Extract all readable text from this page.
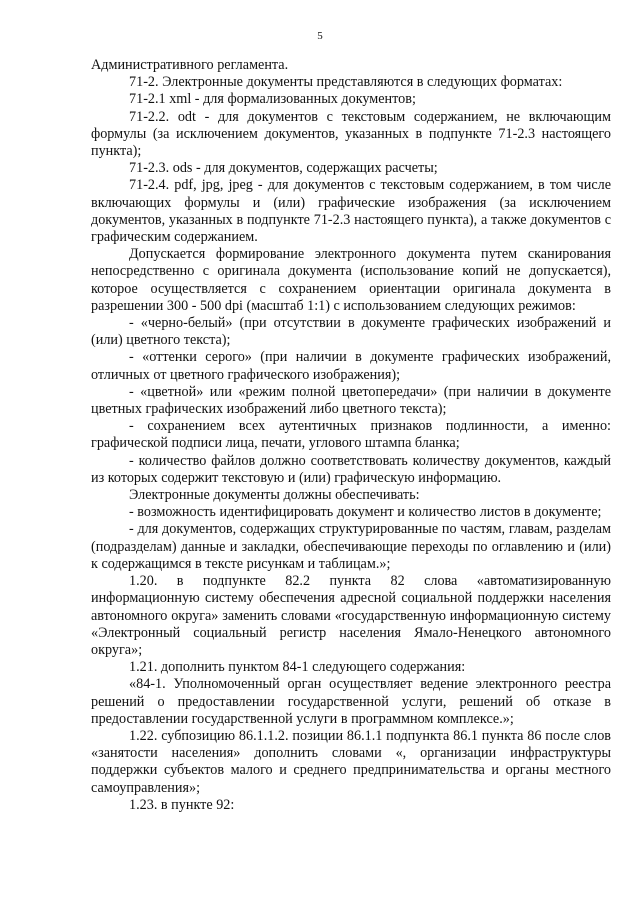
5

Административного регламента.

71-2. Электронные документы представляются в следующих форматах:

71-2.1 xml - для формализованных документов;

71-2.2. odt - для документов с текстовым содержанием, не включающим формулы (за исключением документов, указанных в подпункте 71-2.3 настоящего пункта);

71-2.3. ods - для документов, содержащих расчеты;

71-2.4. pdf, jpg, jpeg - для документов с текстовым содержанием, в том числе включающих формулы и (или) графические изображения (за исключением документов, указанных в подпункте 71-2.3 настоящего пункта), а также документов с графическим содержанием.

Допускается формирование электронного документа путем сканирования непосредственно с оригинала документа (использование копий не допускается), которое осуществляется с сохранением ориентации оригинала документа в разрешении 300 - 500 dpi (масштаб 1:1) с использованием следующих режимов:

- «черно-белый» (при отсутствии в документе графических изображений и (или) цветного текста);

- «оттенки серого» (при наличии в документе графических изображений, отличных от цветного графического изображения);

- «цветной» или «режим полной цветопередачи» (при наличии в документе цветных графических изображений либо цветного текста);

- сохранением всех аутентичных признаков подлинности, а именно: графической подписи лица, печати, углового штампа бланка;

- количество файлов должно соответствовать количеству документов, каждый из которых содержит текстовую и (или) графическую информацию.

Электронные документы должны обеспечивать:

- возможность идентифицировать документ и количество листов в документе;

- для документов, содержащих структурированные по частям, главам, разделам (подразделам) данные и закладки, обеспечивающие переходы по оглавлению и (или) к содержащимся в тексте рисункам и таблицам.»;

1.20. в подпункте 82.2 пункта 82 слова «автоматизированную информационную систему обеспечения адресной социальной поддержки населения автономного округа» заменить словами «государственную информационную систему «Электронный социальный регистр населения Ямало-Ненецкого автономного округа»;

1.21. дополнить пунктом 84-1 следующего содержания:

«84-1. Уполномоченный орган осуществляет ведение электронного реестра решений о предоставлении государственной услуги, решений об отказе в предоставлении государственной услуги в программном комплексе.»;

1.22. субпозицию 86.1.1.2. позиции 86.1.1 подпункта 86.1 пункта 86 после слов «занятости населения» дополнить словами «, организации инфраструктуры поддержки субъектов малого и среднего предпринимательства и органы местного самоуправления»;

1.23. в пункте 92:
